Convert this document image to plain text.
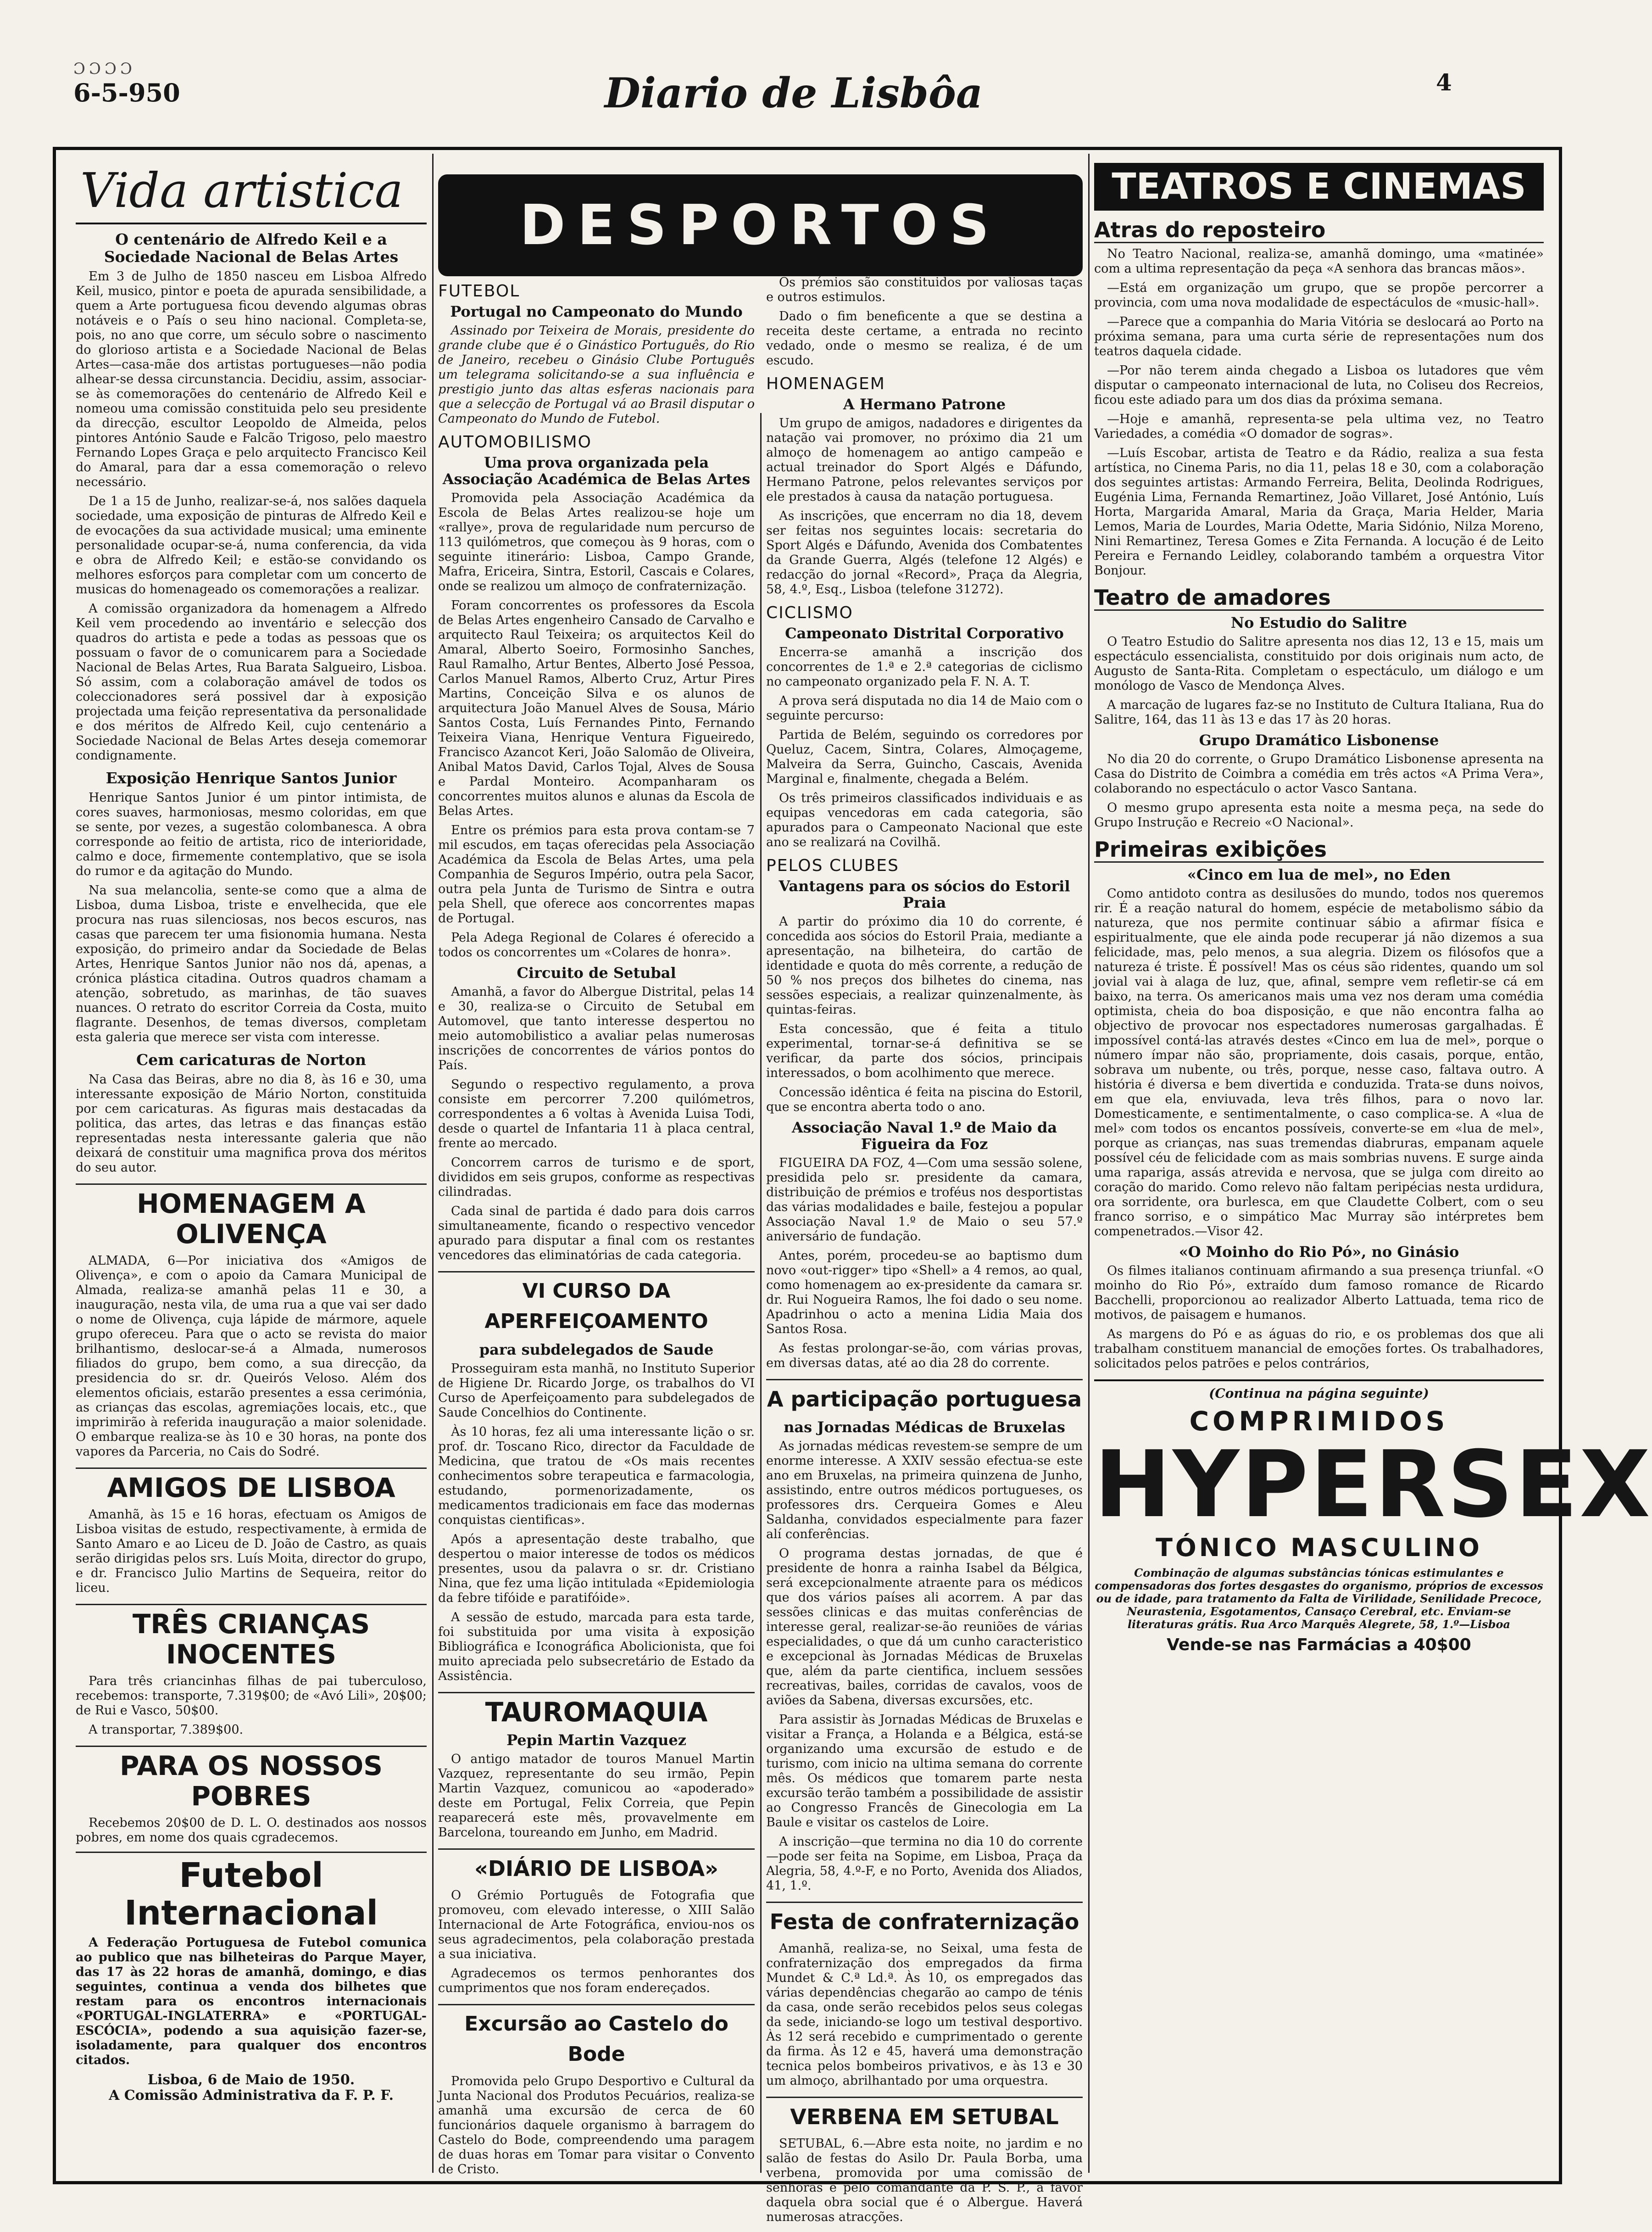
ƆƆƆƆ
6-5-950	Diario de Lisbôa	4
Vida artistica
O centenário de Alfredo Keil e a Sociedade Nacional de Belas Artes

Em 3 de Julho de 1850 nasceu em Lisboa Alfredo Keil, musico, pintor e poeta de apurada sensibilidade, a quem a Arte portuguesa ficou devendo algumas obras notáveis e o País o seu hino nacional. Completa-se, pois, no ano que corre, um século sobre o nascimento do glorioso artista e a Sociedade Nacional de Belas Artes—casa-mãe dos artistas portugueses—não podia alhear-se dessa circunstancia. Decidiu, assim, associar-se às comemorações do centenário de Alfredo Keil e nomeou uma comissão constituida pelo seu presidente da direcção, escultor Leopoldo de Almeida, pelos pintores António Saude e Falcão Trigoso, pelo maestro Fernando Lopes Graça e pelo arquitecto Francisco Keil do Amaral, para dar a essa comemoração o relevo necessário.

De 1 a 15 de Junho, realizar-se-á, nos salões daquela sociedade, uma exposição de pinturas de Alfredo Keil e de evocações da sua actividade musical; uma eminente personalidade ocupar-se-á, numa conferencia, da vida e obra de Alfredo Keil; e estão-se convidando os melhores esforços para completar com um concerto de musicas do homenageado os comemorações a realizar.

A comissão organizadora da homenagem a Alfredo Keil vem procedendo ao inventário e selecção dos quadros do artista e pede a todas as pessoas que os possuam o favor de o comunicarem para a Sociedade Nacional de Belas Artes, Rua Barata Salgueiro, Lisboa. Só assim, com a colaboração amável de todos os coleccionadores será possivel dar à exposição projectada uma feição representativa da personalidade e dos méritos de Alfredo Keil, cujo centenário a Sociedade Nacional de Belas Artes deseja comemorar condignamente.

Exposição Henrique Santos Junior

Henrique Santos Junior é um pintor intimista, de cores suaves, harmoniosas, mesmo coloridas, em que se sente, por vezes, a sugestão colombanesca. A obra corresponde ao feitio de artista, rico de interioridade, calmo e doce, firmemente contemplativo, que se isola do rumor e da agitação do Mundo.

Na sua melancolia, sente-se como que a alma de Lisboa, duma Lisboa, triste e envelhecida, que ele procura nas ruas silenciosas, nos becos escuros, nas casas que parecem ter uma fisionomia humana. Nesta exposição, do primeiro andar da Sociedade de Belas Artes, Henrique Santos Junior não nos dá, apenas, a crónica plástica citadina. Outros quadros chamam a atenção, sobretudo, as marinhas, de tão suaves nuances. O retrato do escritor Correia da Costa, muito flagrante. Desenhos, de temas diversos, completam esta galeria que merece ser vista com interesse.

Cem caricaturas de Norton

Na Casa das Beiras, abre no dia 8, às 16 e 30, uma interessante exposição de Mário Norton, constituida por cem caricaturas. As figuras mais destacadas da politica, das artes, das letras e das finanças estão representadas nesta interessante galeria que não deixará de constituir uma magnifica prova dos méritos do seu autor.

HOMENAGEM A OLIVENÇA

ALMADA, 6—Por iniciativa dos «Amigos de Olivença», e com o apoio da Camara Municipal de Almada, realiza-se amanhã pelas 11 e 30, a inauguração, nesta vila, de uma rua a que vai ser dado o nome de Olivença, cuja lápide de mármore, aquele grupo ofereceu. Para que o acto se revista do maior brilhantismo, deslocar-se-á a Almada, numerosos filiados do grupo, bem como, a sua direcção, da presidencia do sr. dr. Queirós Veloso. Além dos elementos oficiais, estarão presentes a essa cerimónia, as crianças das escolas, agremiações locais, etc., que imprimirão à referida inauguração a maior solenidade. O embarque realiza-se às 10 e 30 horas, na ponte dos vapores da Parceria, no Cais do Sodré.

AMIGOS DE LISBOA

Amanhã, às 15 e 16 horas, efectuam os Amigos de Lisboa visitas de estudo, respectivamente, à ermida de Santo Amaro e ao Liceu de D. João de Castro, as quais serão dirigidas pelos srs. Luís Moita, director do grupo, e dr. Francisco Julio Martins de Sequeira, reitor do liceu.

TRÊS CRIANÇAS INOCENTES

Para três criancinhas filhas de pai tuberculoso, recebemos: transporte, 7.319$00; de «Avó Lili», 20$00; de Rui e Vasco, 50$00.

A transportar, 7.389$00.

PARA OS NOSSOS POBRES

Recebemos 20$00 de D. L. O. destinados aos nossos pobres, em nome dos quais cgradecemos.

Futebol Internacional

A Federação Portuguesa de Futebol comunica ao publico que nas bilheteiras do Parque Mayer, das 17 às 22 horas de amanhã, domingo, e dias seguintes, continua a venda dos bilhetes que restam para os encontros internacionais «PORTUGAL-INGLATERRA» e «PORTUGAL-ESCÓCIA», podendo a sua aquisição fazer-se, isoladamente, para qualquer dos encontros citados.

Lisboa, 6 de Maio de 1950.

A Comissão Administrativa da F. P. F.

DESPORTOS
FUTEBOL
Portugal no Campeonato do Mundo

Assinado por Teixeira de Morais, presidente do grande clube que é o Ginástico Português, do Rio de Janeiro, recebeu o Ginásio Clube Português um telegrama solicitando-se a sua influência e prestigio junto das altas esferas nacionais para que a selecção de Portugal vá ao Brasil disputar o Campeonato do Mundo de Futebol.

AUTOMOBILISMO
Uma prova organizada pela Associação Académica de Belas Artes

Promovida pela Associação Académica da Escola de Belas Artes realizou-se hoje um «rallye», prova de regularidade num percurso de 113 quilómetros, que começou às 9 horas, com o seguinte itinerário: Lisboa, Campo Grande, Mafra, Ericeira, Sintra, Estoril, Cascais e Colares, onde se realizou um almoço de confraternização.

Foram concorrentes os professores da Escola de Belas Artes engenheiro Cansado de Carvalho e arquitecto Raul Teixeira; os arquitectos Keil do Amaral, Alberto Soeiro, Formosinho Sanches, Raul Ramalho, Artur Bentes, Alberto José Pessoa, Carlos Manuel Ramos, Alberto Cruz, Artur Pires Martins, Conceição Silva e os alunos de arquitectura João Manuel Alves de Sousa, Mário Santos Costa, Luís Fernandes Pinto, Fernando Teixeira Viana, Henrique Ventura Figueiredo, Francisco Azancot Keri, João Salomão de Oliveira, Anibal Matos David, Carlos Tojal, Alves de Sousa e Pardal Monteiro. Acompanharam os concorrentes muitos alunos e alunas da Escola de Belas Artes.

Entre os prémios para esta prova contam-se 7 mil escudos, em taças oferecidas pela Associação Académica da Escola de Belas Artes, uma pela Companhia de Seguros Império, outra pela Sacor, outra pela Junta de Turismo de Sintra e outra pela Shell, que oferece aos concorrentes mapas de Portugal.

Pela Adega Regional de Colares é oferecido a todos os concorrentes um «Colares de honra».

Circuito de Setubal

Amanhã, a favor do Albergue Distrital, pelas 14 e 30, realiza-se o Circuito de Setubal em Automovel, que tanto interesse despertou no meio automobilistico a avaliar pelas numerosas inscrições de concorrentes de vários pontos do País.

Segundo o respectivo regulamento, a prova consiste em percorrer 7.200 quilómetros, correspondentes a 6 voltas à Avenida Luisa Todi, desde o quartel de Infantaria 11 à placa central, frente ao mercado.

Concorrem carros de turismo e de sport, divididos em seis grupos, conforme as respectivas cilindradas.

Cada sinal de partida é dado para dois carros simultaneamente, ficando o respectivo vencedor apurado para disputar a final com os restantes vencedores das eliminatórias de cada categoria.

VI CURSO DA APERFEIÇOAMENTO
para subdelegados de Saude

Prosseguiram esta manhã, no Instituto Superior de Higiene Dr. Ricardo Jorge, os trabalhos do VI Curso de Aperfeiçoamento para subdelegados de Saude Concelhios do Continente.

Às 10 horas, fez ali uma interessante lição o sr. prof. dr. Toscano Rico, director da Faculdade de Medicina, que tratou de «Os mais recentes conhecimentos sobre terapeutica e farmacologia, estudando, pormenorizadamente, os medicamentos tradicionais em face das modernas conquistas cientificas».

Após a apresentação deste trabalho, que despertou o maior interesse de todos os médicos presentes, usou da palavra o sr. dr. Cristiano Nina, que fez uma lição intitulada «Epidemiologia da febre tifóide e paratifóide».

A sessão de estudo, marcada para esta tarde, foi substituida por uma visita à exposição Bibliográfica e Iconográfica Abolicionista, que foi muito apreciada pelo subsecretário de Estado da Assistência.

TAUROMAQUIA
Pepin Martin Vazquez

O antigo matador de touros Manuel Martin Vazquez, representante do seu irmão, Pepin Martin Vazquez, comunicou ao «apoderado» deste em Portugal, Felix Correia, que Pepin reaparecerá este mês, provavelmente em Barcelona, toureando em Junho, em Madrid.

«DIÁRIO DE LISBOA»

O Grémio Português de Fotografia que promoveu, com elevado interesse, o XIII Salão Internacional de Arte Fotográfica, enviou-nos os seus agradecimentos, pela colaboração prestada a sua iniciativa.

Agradecemos os termos penhorantes dos cumprimentos que nos foram endereçados.

Excursão ao Castelo do Bode

Promovida pelo Grupo Desportivo e Cultural da Junta Nacional dos Produtos Pecuários, realiza-se amanhã uma excursão de cerca de 60 funcionários daquele organismo à barragem do Castelo do Bode, compreendendo uma paragem de duas horas em Tomar para visitar o Convento de Cristo.

Os prémios são constituidos por valiosas taças e outros estimulos.

Dado o fim beneficente a que se destina a receita deste certame, a entrada no recinto vedado, onde o mesmo se realiza, é de um escudo.

HOMENAGEM
A Hermano Patrone

Um grupo de amigos, nadadores e dirigentes da natação vai promover, no próximo dia 21 um almoço de homenagem ao antigo campeão e actual treinador do Sport Algés e Dáfundo, Hermano Patrone, pelos relevantes serviços por ele prestados à causa da natação portuguesa.

As inscrições, que encerram no dia 18, devem ser feitas nos seguintes locais: secretaria do Sport Algés e Dáfundo, Avenida dos Combatentes da Grande Guerra, Algés (telefone 12 Algés) e redacção do jornal «Record», Praça da Alegria, 58, 4.º, Esq., Lisboa (telefone 31272).

CICLISMO
Campeonato Distrital Corporativo

Encerra-se amanhã a inscrição dos concorrentes de 1.ª e 2.ª categorias de ciclismo no campeonato organizado pela F. N. A. T.

A prova será disputada no dia 14 de Maio com o seguinte percurso:

Partida de Belém, seguindo os corredores por Queluz, Cacem, Sintra, Colares, Almoçageme, Malveira da Serra, Guincho, Cascais, Avenida Marginal e, finalmente, chegada a Belém.

Os três primeiros classificados individuais e as equipas vencedoras em cada categoria, são apurados para o Campeonato Nacional que este ano se realizará na Covilhã.

PELOS CLUBES
Vantagens para os sócios do Estoril Praia

A partir do próximo dia 10 do corrente, é concedida aos sócios do Estoril Praia, mediante a apresentação, na bilheteira, do cartão de identidade e quota do mês corrente, a redução de 50 % nos preços dos bilhetes do cinema, nas sessões especiais, a realizar quinzenalmente, às quintas-feiras.

Esta concessão, que é feita a titulo experimental, tornar-se-á definitiva se se verificar, da parte dos sócios, principais interessados, o bom acolhimento que merece.

Concessão idêntica é feita na piscina do Estoril, que se encontra aberta todo o ano.

Associação Naval 1.º de Maio da Figueira da Foz

FIGUEIRA DA FOZ, 4—Com uma sessão solene, presidida pelo sr. presidente da camara, distribuição de prémios e troféus nos desportistas das várias modalidades e baile, festejou a popular Associação Naval 1.º de Maio o seu 57.º aniversário de fundação.

Antes, porém, procedeu-se ao baptismo dum novo «out-rigger» tipo «Shell» a 4 remos, ao qual, como homenagem ao ex-presidente da camara sr. dr. Rui Nogueira Ramos, lhe foi dado o seu nome. Apadrinhou o acto a menina Lidia Maia dos Santos Rosa.

As festas prolongar-se-ão, com várias provas, em diversas datas, até ao dia 28 do corrente.

A participação portuguesa
nas Jornadas Médicas de Bruxelas

As jornadas médicas revestem-se sempre de um enorme interesse. A XXIV sessão efectua-se este ano em Bruxelas, na primeira quinzena de Junho, assistindo, entre outros médicos portugueses, os professores drs. Cerqueira Gomes e Aleu Saldanha, convidados especialmente para fazer alí conferências.

O programa destas jornadas, de que é presidente de honra a rainha Isabel da Bélgica, será excepcionalmente atraente para os médicos que dos vários países ali acorrem. A par das sessões clinicas e das muitas conferências de interesse geral, realizar-se-ão reuniões de várias especialidades, o que dá um cunho caracteristico e excepcional às Jornadas Médicas de Bruxelas que, além da parte cientifica, incluem sessões recreativas, bailes, corridas de cavalos, voos de aviões da Sabena, diversas excursões, etc.

Para assistir às Jornadas Médicas de Bruxelas e visitar a França, a Holanda e a Bélgica, está-se organizando uma excursão de estudo e de turismo, com inicio na ultima semana do corrente mês. Os médicos que tomarem parte nesta excursão terão também a possibilidade de assistir ao Congresso Francês de Ginecologia em La Baule e visitar os castelos de Loire.

A inscrição—que termina no dia 10 do corrente—pode ser feita na Sopime, em Lisboa, Praça da Alegria, 58, 4.º-F, e no Porto, Avenida dos Aliados, 41, 1.º.

Festa de confraternização

Amanhã, realiza-se, no Seixal, uma festa de confraternização dos empregados da firma Mundet & C.ª Ld.ª. Às 10, os empregados das várias dependências chegarão ao campo de ténis da casa, onde serão recebidos pelos seus colegas da sede, iniciando-se logo um testival desportivo. Às 12 será recebido e cumprimentado o gerente da firma. Às 12 e 45, haverá uma demonstração tecnica pelos bombeiros privativos, e às 13 e 30 um almoço, abrilhantado por uma orquestra.

VERBENA EM SETUBAL

SETUBAL, 6.—Abre esta noite, no jardim e no salão de festas do Asilo Dr. Paula Borba, uma verbena, promovida por uma comissão de senhoras e pelo comandante da P. S. P., a favor daquela obra social que é o Albergue. Haverá numerosas atracções.

TEATROS E CINEMAS
Atras do reposteiro

No Teatro Nacional, realiza-se, amanhã domingo, uma «matinée» com a ultima representação da peça «A senhora das brancas mãos».

—Está em organização um grupo, que se propõe percorrer a provincia, com uma nova modalidade de espectáculos de «music-hall».

—Parece que a companhia do Maria Vitória se deslocará ao Porto na próxima semana, para uma curta série de representações num dos teatros daquela cidade.

—Por não terem ainda chegado a Lisboa os lutadores que vêm disputar o campeonato internacional de luta, no Coliseu dos Recreios, ficou este adiado para um dos dias da próxima semana.

—Hoje e amanhã, representa-se pela ultima vez, no Teatro Variedades, a comédia «O domador de sogras».

—Luís Escobar, artista de Teatro e da Rádio, realiza a sua festa artística, no Cinema Paris, no dia 11, pelas 18 e 30, com a colaboração dos seguintes artistas: Armando Ferreira, Belita, Deolinda Rodrigues, Eugénia Lima, Fernanda Remartinez, João Villaret, José António, Luís Horta, Margarida Amaral, Maria da Graça, Maria Helder, Maria Lemos, Maria de Lourdes, Maria Odette, Maria Sidónio, Nilza Moreno, Nini Remartinez, Teresa Gomes e Zita Fernanda. A locução é de Leito Pereira e Fernando Leidley, colaborando também a orquestra Vitor Bonjour.

Teatro de amadores
No Estudio do Salitre

O Teatro Estudio do Salitre apresenta nos dias 12, 13 e 15, mais um espectáculo essencialista, constituido por dois originais num acto, de Augusto de Santa-Rita. Completam o espectáculo, um diálogo e um monólogo de Vasco de Mendonça Alves.

A marcação de lugares faz-se no Instituto de Cultura Italiana, Rua do Salitre, 164, das 11 às 13 e das 17 às 20 horas.

Grupo Dramático Lisbonense

No dia 20 do corrente, o Grupo Dramático Lisbonense apresenta na Casa do Distrito de Coimbra a comédia em três actos «A Prima Vera», colaborando no espectáculo o actor Vasco Santana.

O mesmo grupo apresenta esta noite a mesma peça, na sede do Grupo Instrução e Recreio «O Nacional».

Primeiras exibições
«Cinco em lua de mel», no Eden

Como antidoto contra as desilusões do mundo, todos nos queremos rir. É a reação natural do homem, espécie de metabolismo sábio da natureza, que nos permite continuar sábio a afirmar física e espiritualmente, que ele ainda pode recuperar já não dizemos a sua felicidade, mas, pelo menos, a sua alegria. Dizem os filósofos que a natureza é triste. É possível! Mas os céus são ridentes, quando um sol jovial vai à alaga de luz, que, afinal, sempre vem refletir-se cá em baixo, na terra. Os americanos mais uma vez nos deram uma comédia optimista, cheia do boa disposição, e que não encontra falha ao objectivo de provocar nos espectadores numerosas gargalhadas. É impossível contá-las através destes «Cinco em lua de mel», porque o número ímpar não são, propriamente, dois casais, porque, então, sobrava um nubente, ou três, porque, nesse caso, faltava outro. A história é diversa e bem divertida e conduzida. Trata-se duns noivos, em que ela, enviuvada, leva três filhos, para o novo lar. Domesticamente, e sentimentalmente, o caso complica-se. A «lua de mel» com todos os encantos possíveis, converte-se em «lua de mel», porque as crianças, nas suas tremendas diabruras, empanam aquele possível céu de felicidade com as mais sombrias nuvens. E surge ainda uma rapariga, assás atrevida e nervosa, que se julga com direito ao coração do marido. Como relevo não faltam peripécias nesta urdidura, ora sorridente, ora burlesca, em que Claudette Colbert, com o seu franco sorriso, e o simpático Mac Murray são intérpretes bem compenetrados.—Visor 42.

«O Moinho do Rio Pó», no Ginásio

Os filmes italianos continuam afirmando a sua presença triunfal. «O moinho do Rio Pó», extraído dum famoso romance de Ricardo Bacchelli, proporcionou ao realizador Alberto Lattuada, tema rico de motivos, de paisagem e humanos.

As margens do Pó e as águas do rio, e os problemas dos que ali trabalham constituem manancial de emoções fortes. Os trabalhadores, solicitados pelos patrões e pelos contrários,

(Continua na página seguinte)
COMPRIMIDOS
HYPERSEX
TÓNICO MASCULINO

Combinação de algumas substâncias tónicas estimulantes e compensadoras dos fortes desgastes do organismo, próprios de excessos ou de idade, para tratamento da Falta de Virilidade, Senilidade Precoce, Neurastenia, Esgotamentos, Cansaço Cerebral, etc. Enviam-se literaturas grátis. Rua Arco Marquês Alegrete, 58, 1.º—Lisboa

Vende-se nas Farmácias a 40$00
